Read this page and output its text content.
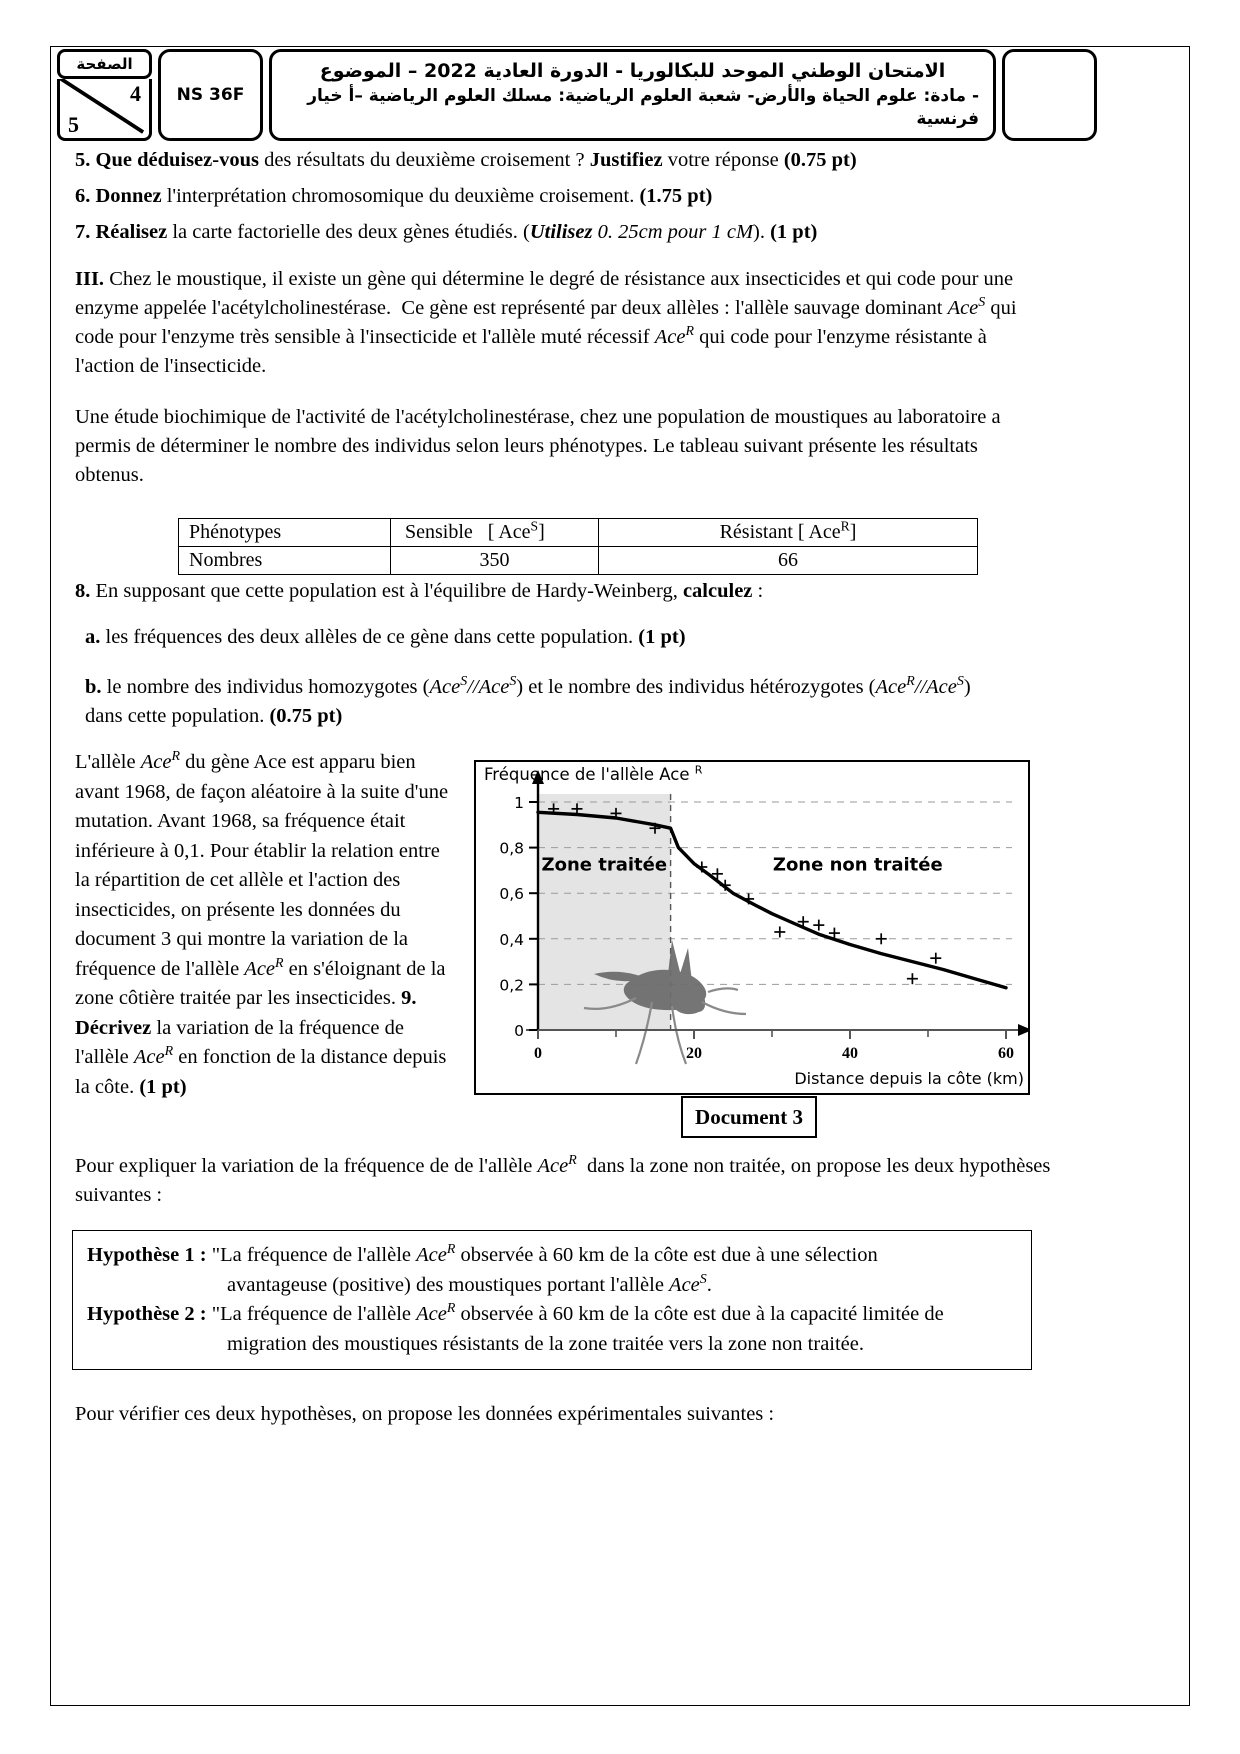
الصفحة
4
5
NS 36F
الامتحان الوطني الموحد للبكالوريا - الدورة العادية 2022 – الموضوع
- مادة: علوم الحياة والأرض- شعبة العلوم الرياضية: مسلك العلوم الرياضية –أ خيار فرنسية
5. Que déduisez-vous des résultats du deuxième croisement ? Justifiez votre réponse (0.75 pt)
6. Donnez l'interprétation chromosomique du deuxième croisement. (1.75 pt)
7. Réalisez la carte factorielle des deux gènes étudiés. (Utilisez 0. 25cm pour 1 cM). (1 pt)
III. Chez le moustique, il existe un gène qui détermine le degré de résistance aux insecticides et qui code pour une enzyme appelée l'acétylcholinestérase.  Ce gène est représenté par deux allèles : l'allèle sauvage dominant Ace$^S$ qui code pour l'enzyme très sensible à l'insecticide et l'allèle muté récessif Ace$^R$ qui code pour l'enzyme résistante à l'action de l'insecticide.
Une étude biochimique de l'activité de l'acétylcholinestérase, chez une population de moustiques au laboratoire a permis de déterminer le nombre des individus selon leurs phénotypes. Le tableau suivant présente les résultats obtenus.
Phénotypes	Sensible   [ Ace$^S$]	Résistant [ Ace$^R$]
Nombres	350	66
8. En supposant que cette population est à l'équilibre de Hardy-Weinberg, calculez :
a. les fréquences des deux allèles de ce gène dans cette population. (1 pt)
b. le nombre des individus homozygotes (Ace$^S$//Ace$^S$) et le nombre des individus hétérozygotes (Ace$^R$//Ace$^S$) dans cette population. (0.75 pt)
L'allèle Ace$^R$ du gène Ace est apparu bien avant 1968, de façon aléatoire à la suite d'une mutation. Avant 1968, sa fréquence était inférieure à 0,1. Pour établir la relation entre la répartition de cet allèle et l'action des insecticides, on présente les données du document 3 qui montre la variation de la fréquence de l'allèle Ace$^R$ en s'éloignant de la zone côtière traitée par les insecticides. 9. Décrivez la variation de la fréquence de l'allèle Ace$^R$ en fonction de la distance depuis la côte. (1 pt)
Fréquence de l'allèle Ace $^R$
0
0,2
0,4
0,6
0,8
1
0	20	40	60
Zone traitée	Zone non traitée
Distance depuis la côte (km)
Document 3
Pour expliquer la variation de la fréquence de de l'allèle Ace$^R$  dans la zone non traitée, on propose les deux hypothèses suivantes :
Hypothèse 1 : "La fréquence de l'allèle Ace$^R$ observée à 60 km de la côte est due à une sélection
avantageuse (positive) des moustiques portant l'allèle Ace$^S$.
Hypothèse 2 : "La fréquence de l'allèle Ace$^R$ observée à 60 km de la côte est due à la capacité limitée de
migration des moustiques résistants de la zone traitée vers la zone non traitée.
Pour vérifier ces deux hypothèses, on propose les données expérimentales suivantes :
